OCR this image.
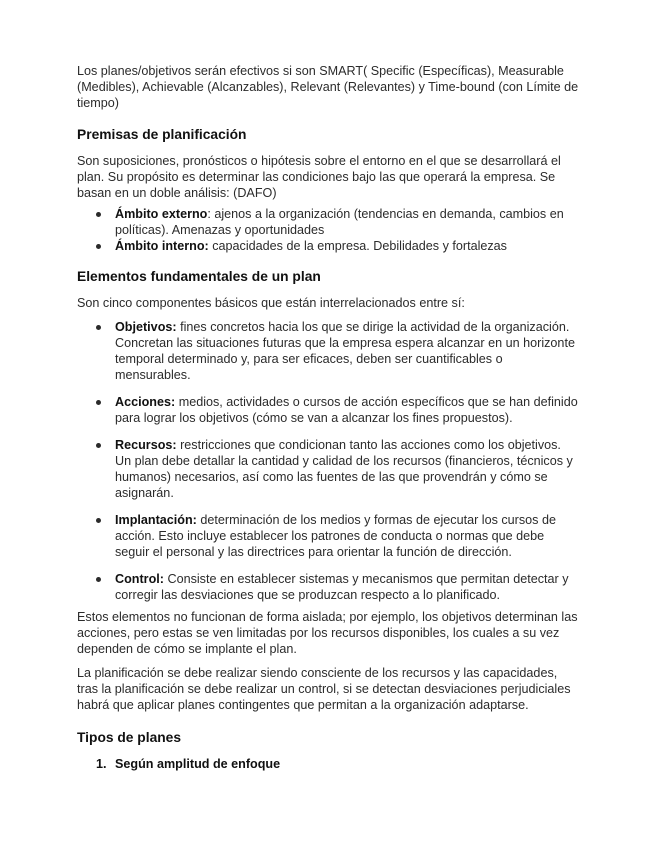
Los planes/objetivos serán efectivos si son SMART( Specific (Específicas), Measurable (Medibles), Achievable (Alcanzables), Relevant (Relevantes) y Time-bound (con Límite de tiempo)

Premisas de planificación

Son suposiciones, pronósticos o hipótesis sobre el entorno en el que se desarrollará el plan. Su propósito es determinar las condiciones bajo las que operará la empresa. Se basan en un doble análisis: (DAFO)

Ámbito externo: ajenos a la organización (tendencias en demanda, cambios en políticas). Amenazas y oportunidades
Ámbito interno: capacidades de la empresa. Debilidades y fortalezas
Elementos fundamentales de un plan

Son cinco componentes básicos que están interrelacionados entre sí:

Objetivos: fines concretos hacia los que se dirige la actividad de la organización. Concretan las situaciones futuras que la empresa espera alcanzar en un horizonte temporal determinado y, para ser eficaces, deben ser cuantificables o mensurables.
Acciones: medios, actividades o cursos de acción específicos que se han definido para lograr los objetivos (cómo se van a alcanzar los fines propuestos).
Recursos: restricciones que condicionan tanto las acciones como los objetivos. Un plan debe detallar la cantidad y calidad de los recursos (financieros, técnicos y humanos) necesarios, así como las fuentes de las que provendrán y cómo se asignarán.
Implantación: determinación de los medios y formas de ejecutar los cursos de acción. Esto incluye establecer los patrones de conducta o normas que debe seguir el personal y las directrices para orientar la función de dirección.
Control: Consiste en establecer sistemas y mecanismos que permitan detectar y corregir las desviaciones que se produzcan respecto a lo planificado.

Estos elementos no funcionan de forma aislada; por ejemplo, los objetivos determinan las acciones, pero estas se ven limitadas por los recursos disponibles, los cuales a su vez dependen de cómo se implante el plan.

La planificación se debe realizar siendo consciente de los recursos y las capacidades, tras la planificación se debe realizar un control, si se detectan desviaciones perjudiciales habrá que aplicar planes contingentes que permitan a la organización adaptarse.

Tipos de planes
1. Según amplitud de enfoque
